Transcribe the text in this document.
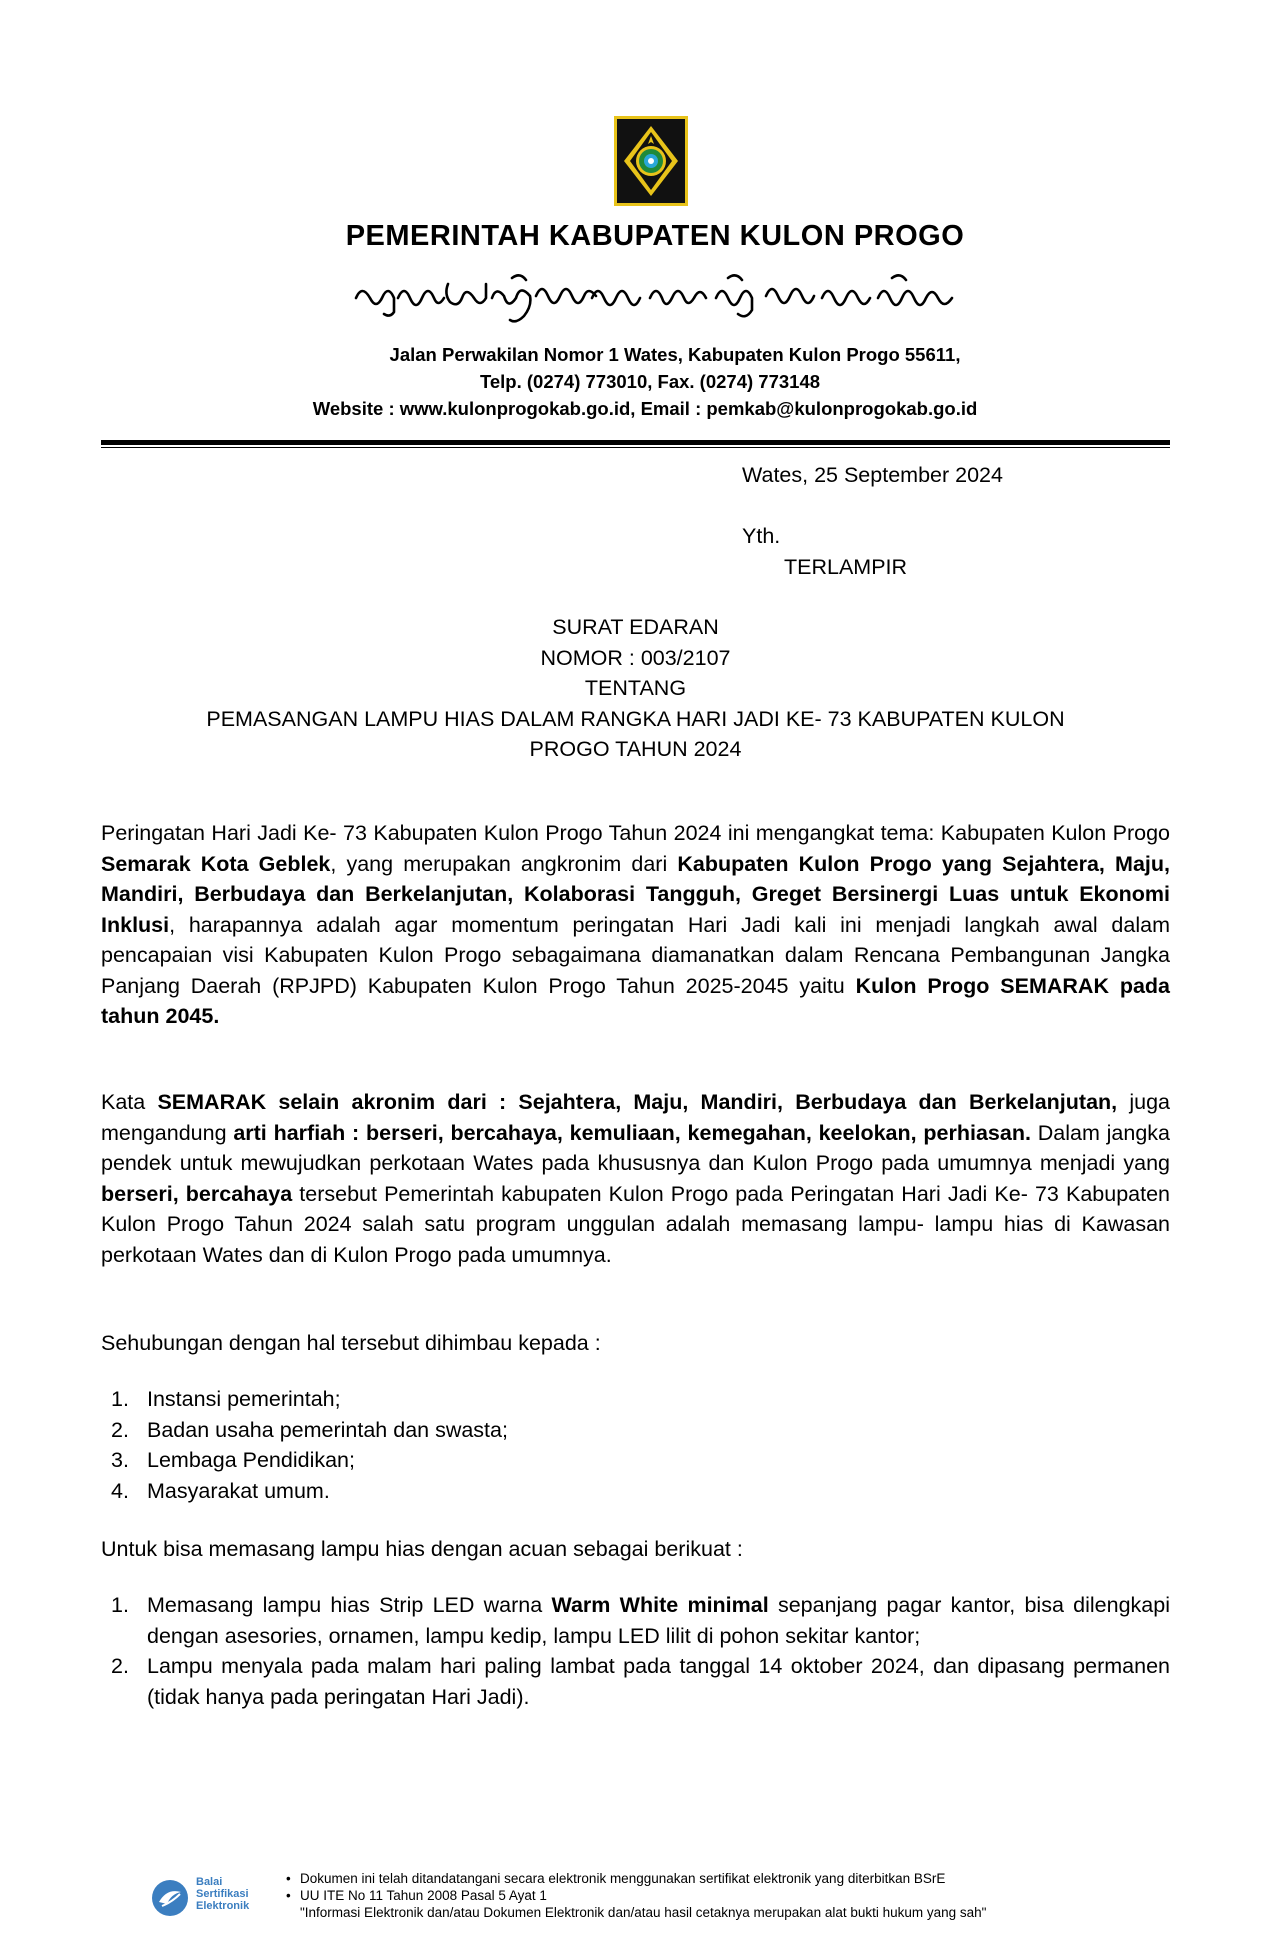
PEMERINTAH KABUPATEN KULON PROGO
Jalan Perwakilan Nomor 1 Wates, Kabupaten Kulon Progo 55611,
Telp. (0274) 773010, Fax. (0274) 773148
Website : www.kulonprogokab.go.id, Email : pemkab@kulonprogokab.go.id
Wates, 25 September 2024
Yth.
TERLAMPIR
SURAT EDARAN
NOMOR : 003/2107
TENTANG
PEMASANGAN LAMPU HIAS DALAM RANGKA HARI JADI KE- 73 KABUPATEN KULON
PROGO TAHUN 2024
Peringatan Hari Jadi Ke- 73 Kabupaten Kulon Progo Tahun 2024 ini mengangkat tema: Kabupaten Kulon Progo Semarak Kota Geblek, yang merupakan angkronim dari Kabupaten Kulon Progo yang Sejahtera, Maju, Mandiri, Berbudaya dan Berkelanjutan, Kolaborasi Tangguh, Greget Bersinergi Luas untuk Ekonomi Inklusi, harapannya adalah agar momentum peringatan Hari Jadi kali ini menjadi langkah awal dalam pencapaian visi Kabupaten Kulon Progo sebagaimana diamanatkan dalam Rencana Pembangunan Jangka Panjang Daerah (RPJPD) Kabupaten Kulon Progo Tahun 2025-2045 yaitu Kulon Progo SEMARAK pada tahun 2045.
Kata SEMARAK selain akronim dari : Sejahtera, Maju, Mandiri, Berbudaya dan Berkelanjutan, juga mengandung arti harfiah : berseri, bercahaya, kemuliaan, kemegahan, keelokan, perhiasan. Dalam jangka pendek untuk mewujudkan perkotaan Wates pada khususnya dan Kulon Progo pada umumnya menjadi yang berseri, bercahaya tersebut Pemerintah kabupaten Kulon Progo pada Peringatan Hari Jadi Ke- 73 Kabupaten Kulon Progo Tahun 2024 salah satu program unggulan adalah memasang lampu- lampu hias di Kawasan perkotaan Wates dan di Kulon Progo pada umumnya.
Sehubungan dengan hal tersebut dihimbau kepada :
1. Instansi pemerintah;
2. Badan usaha pemerintah dan swasta;
3. Lembaga Pendidikan;
4. Masyarakat umum.
Untuk bisa memasang lampu hias dengan acuan sebagai berikuat :
1. Memasang lampu hias Strip LED warna Warm White minimal sepanjang pagar kantor, bisa dilengkapi dengan asesories, ornamen, lampu kedip, lampu LED lilit di pohon sekitar kantor;
2. Lampu menyala pada malam hari paling lambat pada tanggal 14 oktober 2024, dan dipasang permanen (tidak hanya pada peringatan Hari Jadi).
Balai
Sertifikasi
Elektronik
• Dokumen ini telah ditandatangani secara elektronik menggunakan sertifikat elektronik yang diterbitkan BSrE
• UU ITE No 11 Tahun 2008 Pasal 5 Ayat 1
"Informasi Elektronik dan/atau Dokumen Elektronik dan/atau hasil cetaknya merupakan alat bukti hukum yang sah"
